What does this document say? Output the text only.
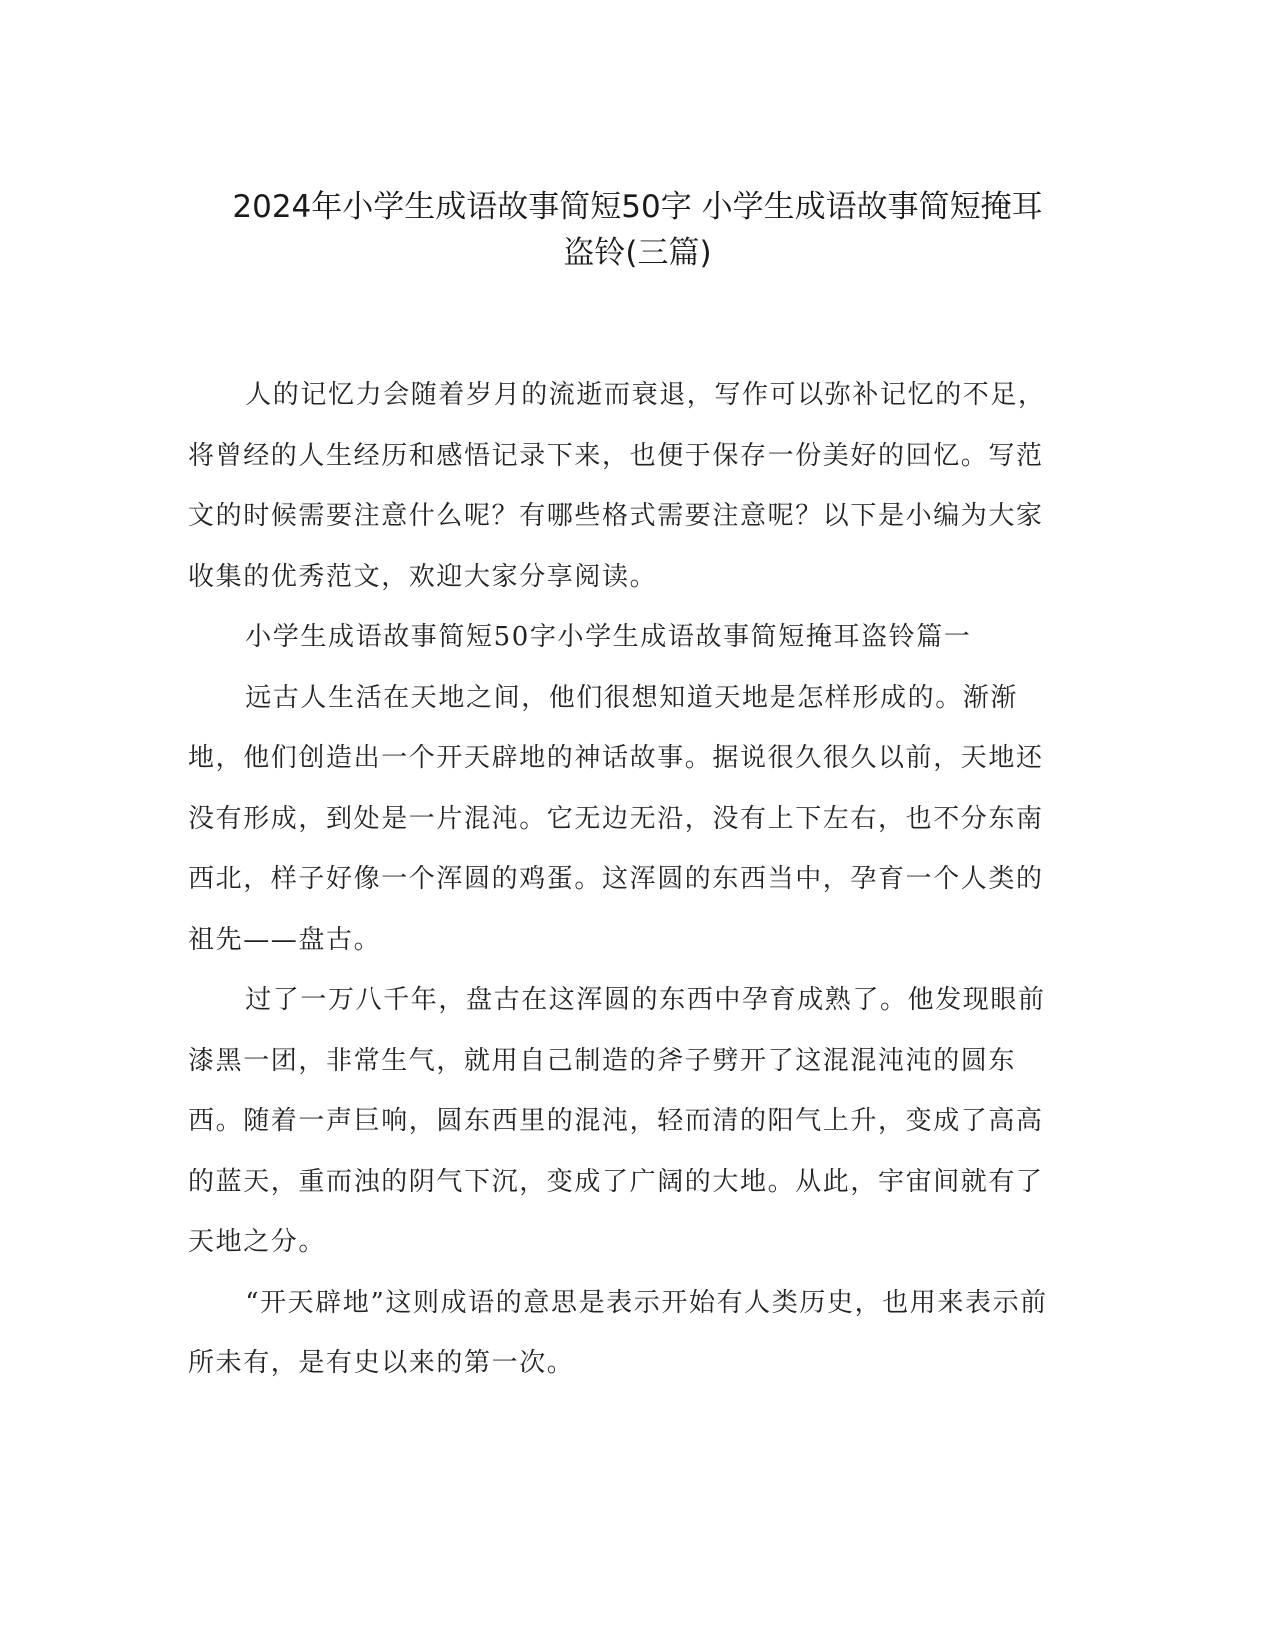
2024年小学生成语故事简短50字 小学生成语故事简短掩耳
盗铃(三篇)

人的记忆力会随着岁月的流逝而衰退，写作可以弥补记忆的不足，将曾经的人生经历和感悟记录下来，也便于保存一份美好的回忆。写范文的时候需要注意什么呢？有哪些格式需要注意呢？以下是小编为大家收集的优秀范文，欢迎大家分享阅读。

小学生成语故事简短50字小学生成语故事简短掩耳盗铃篇一

远古人生活在天地之间，他们很想知道天地是怎样形成的。渐渐地，他们创造出一个开天辟地的神话故事。据说很久很久以前，天地还没有形成，到处是一片混沌。它无边无沿，没有上下左右，也不分东南西北，样子好像一个浑圆的鸡蛋。这浑圆的东西当中，孕育一个人类的祖先——盘古。

过了一万八千年，盘古在这浑圆的东西中孕育成熟了。他发现眼前漆黑一团，非常生气，就用自己制造的斧子劈开了这混混沌沌的圆东西。随着一声巨响，圆东西里的混沌，轻而清的阳气上升，变成了高高的蓝天，重而浊的阴气下沉，变成了广阔的大地。从此，宇宙间就有了天地之分。

“开天辟地”这则成语的意思是表示开始有人类历史，也用来表示前所未有，是有史以来的第一次。
